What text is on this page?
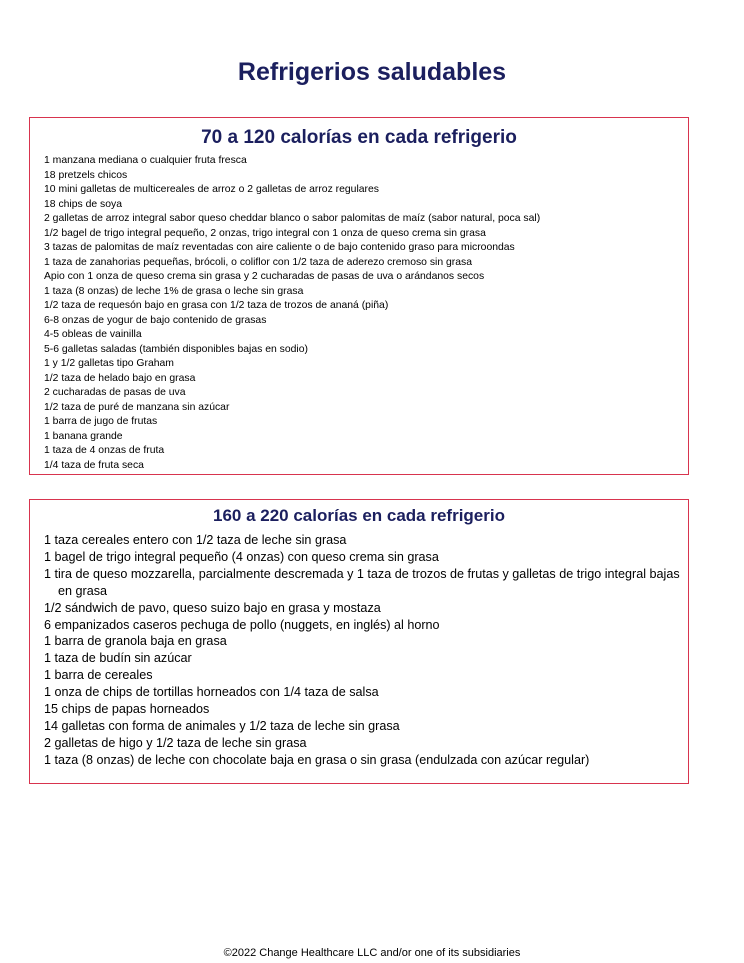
Refrigerios saludables
70 a 120 calorías en cada refrigerio
1 manzana mediana o cualquier fruta fresca
18 pretzels chicos
10 mini galletas de multicereales de arroz o 2 galletas de arroz regulares
18 chips de soya
2 galletas de arroz integral sabor queso cheddar blanco o sabor palomitas de maíz (sabor natural, poca sal)
1/2 bagel de trigo integral pequeño, 2 onzas, trigo integral con 1 onza de queso crema sin grasa
3 tazas de palomitas de maíz reventadas con aire caliente o de bajo contenido graso para microondas
1 taza de zanahorias pequeñas, brócoli, o coliflor con 1/2 taza de aderezo cremoso sin grasa
Apio con 1 onza de queso crema sin grasa y 2 cucharadas de pasas de uva o arándanos secos
1 taza (8 onzas) de leche 1% de grasa o leche sin grasa
1/2 taza de requesón bajo en grasa con 1/2 taza de trozos de ananá (piña)
6-8 onzas de yogur de bajo contenido de grasas
4-5 obleas de vainilla
5-6 galletas saladas (también disponibles bajas en sodio)
1 y 1/2 galletas tipo Graham
1/2 taza de helado bajo en grasa
2 cucharadas de pasas de uva
1/2 taza de puré de manzana sin azúcar
1 barra de jugo de frutas
1 banana grande
1 taza de 4 onzas de fruta
1/4 taza de fruta seca
160 a 220 calorías en cada refrigerio
1 taza cereales entero con 1/2 taza de leche sin grasa
1 bagel de trigo integral pequeño (4 onzas) con queso crema sin grasa
1 tira de queso mozzarella, parcialmente descremada y 1 taza de trozos de frutas y galletas de trigo integral bajas en grasa
1/2 sándwich de pavo, queso suizo bajo en grasa y mostaza
6 empanizados caseros pechuga de pollo (nuggets, en inglés) al horno
1 barra de granola baja en grasa
1 taza de budín sin azúcar
1 barra de cereales
1 onza de chips de tortillas horneados con 1/4 taza de salsa
15 chips de papas horneados
14 galletas con forma de animales y 1/2 taza de leche sin grasa
2 galletas de higo y 1/2 taza de leche sin grasa
1 taza (8 onzas) de leche con chocolate baja en grasa o sin grasa (endulzada con azúcar regular)
©2022 Change Healthcare LLC and/or one of its subsidiaries
